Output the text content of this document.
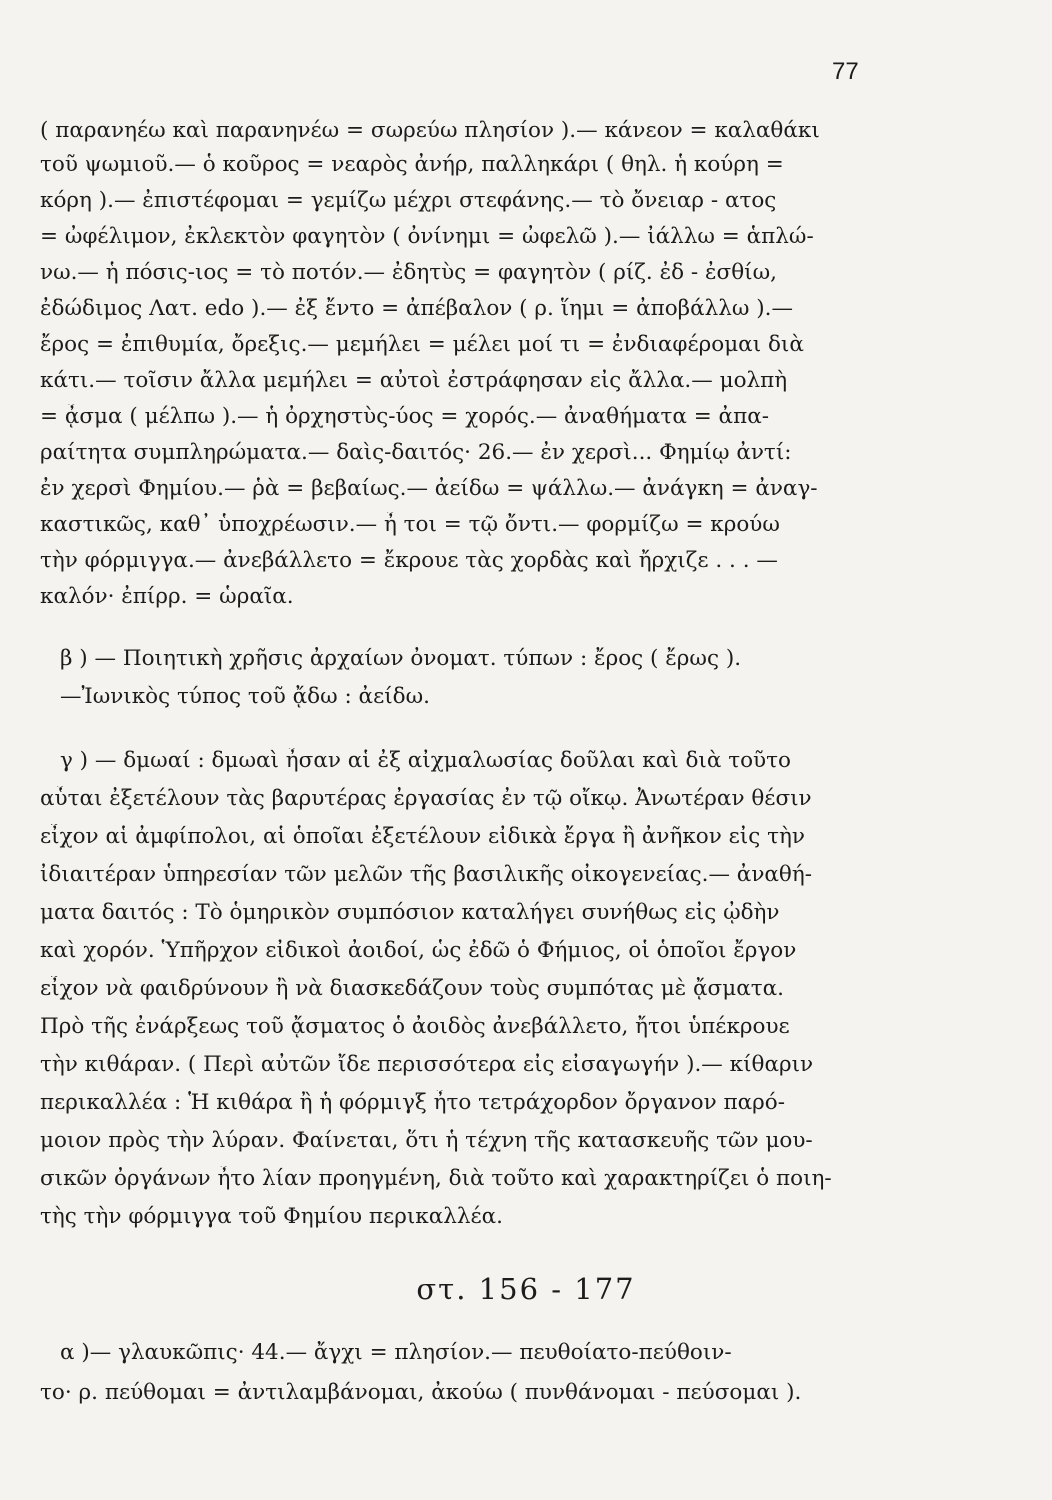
77
( παρανηέω καὶ παρανηνέω = σωρεύω πλησίον ).— κάνεον = καλαθάκι
τοῦ ψωμιοῦ.— ὁ κοῦρος = νεαρὸς ἀνήρ, παλληκάρι ( θηλ. ἡ κούρη =
κόρη ).— ἐπιστέφομαι = γεμίζω μέχρι στεφάνης.— τὸ ὄνειαρ - ατος
= ὠφέλιμον, ἐκλεκτὸν φαγητὸν ( ὀνίνημι = ὠφελῶ ).— ἰάλλω = ἁπλώ-
νω.— ἡ πόσις-ιος = τὸ ποτόν.— ἐδητὺς = φαγητὸν ( ρίζ. ἐδ - ἐσθίω,
ἐδώδιμος Λατ. edo ).— ἐξ ἔντο = ἀπέβαλον ( ρ. ἵημι = ἀποβάλλω ).—
ἔρος = ἐπιθυμία, ὄρεξις.— μεμήλει = μέλει μοί τι = ἐνδιαφέρομαι διὰ
κάτι.— τοῖσιν ἄλλα μεμήλει = αὐτοὶ ἐστράφησαν εἰς ἄλλα.— μολπὴ
= ᾆσμα ( μέλπω ).— ἡ ὀρχηστὺς-ύος = χορός.— ἀναθήματα = ἀπα-
ραίτητα συμπληρώματα.— δαὶς-δαιτός· 26.— ἐν χερσὶ... Φημίῳ ἀντί:
ἐν χερσὶ Φημίου.— ῥὰ = βεβαίως.— ἀείδω = ψάλλω.— ἀνάγκη = ἀναγ-
καστικῶς, καθ᾽ ὑποχρέωσιν.— ἦ τοι = τῷ ὄντι.— φορμίζω = κρούω
τὴν φόρμιγγα.— ἀνεβάλλετο = ἔκρουε τὰς χορδὰς καὶ ἤρχιζε . . . —
καλόν· ἐπίρρ. = ὡραῖα.
β ) — Ποιητικὴ χρῆσις ἀρχαίων ὀνοματ. τύπων : ἔρος ( ἔρως ).
—Ἰωνικὸς τύπος τοῦ ᾄδω : ἀείδω.
γ ) — δμωαί : δμωαὶ ἦσαν αἱ ἐξ αἰχμαλωσίας δοῦλαι καὶ διὰ τοῦτο
αὗται ἐξετέλουν τὰς βαρυτέρας ἐργασίας ἐν τῷ οἴκῳ. Ἀνωτέραν θέσιν
εἶχον αἱ ἀμφίπολοι, αἱ ὁποῖαι ἐξετέλουν εἰδικὰ ἔργα ἢ ἀνῆκον εἰς τὴν
ἰδιαιτέραν ὑπηρεσίαν τῶν μελῶν τῆς βασιλικῆς οἰκογενείας.— ἀναθή-
ματα δαιτός : Τὸ ὁμηρικὸν συμπόσιον καταλήγει συνήθως εἰς ᾠδὴν
καὶ χορόν. Ὑπῆρχον εἰδικοὶ ἀοιδοί, ὡς ἐδῶ ὁ Φήμιος, οἱ ὁποῖοι ἔργον
εἶχον νὰ φαιδρύνουν ἢ νὰ διασκεδάζουν τοὺς συμπότας μὲ ᾄσματα.
Πρὸ τῆς ἐνάρξεως τοῦ ᾄσματος ὁ ἀοιδὸς ἀνεβάλλετο, ἤτοι ὑπέκρουε
τὴν κιθάραν. ( Περὶ αὐτῶν ἴδε περισσότερα εἰς εἰσαγωγήν ).— κίθαριν
περικαλλέα : Ἡ κιθάρα ἢ ἡ φόρμιγξ ἦτο τετράχορδον ὄργανον παρό-
μοιον πρὸς τὴν λύραν. Φαίνεται, ὅτι ἡ τέχνη τῆς κατασκευῆς τῶν μου-
σικῶν ὀργάνων ἦτο λίαν προηγμένη, διὰ τοῦτο καὶ χαρακτηρίζει ὁ ποιη-
τὴς τὴν φόρμιγγα τοῦ Φημίου περικαλλέα.
στ. 156 - 177
α )— γλαυκῶπις· 44.— ἄγχι = πλησίον.— πευθοίατο-πεύθοιν-
το· ρ. πεύθομαι = ἀντιλαμβάνομαι, ἀκούω ( πυνθάνομαι - πεύσομαι ).
